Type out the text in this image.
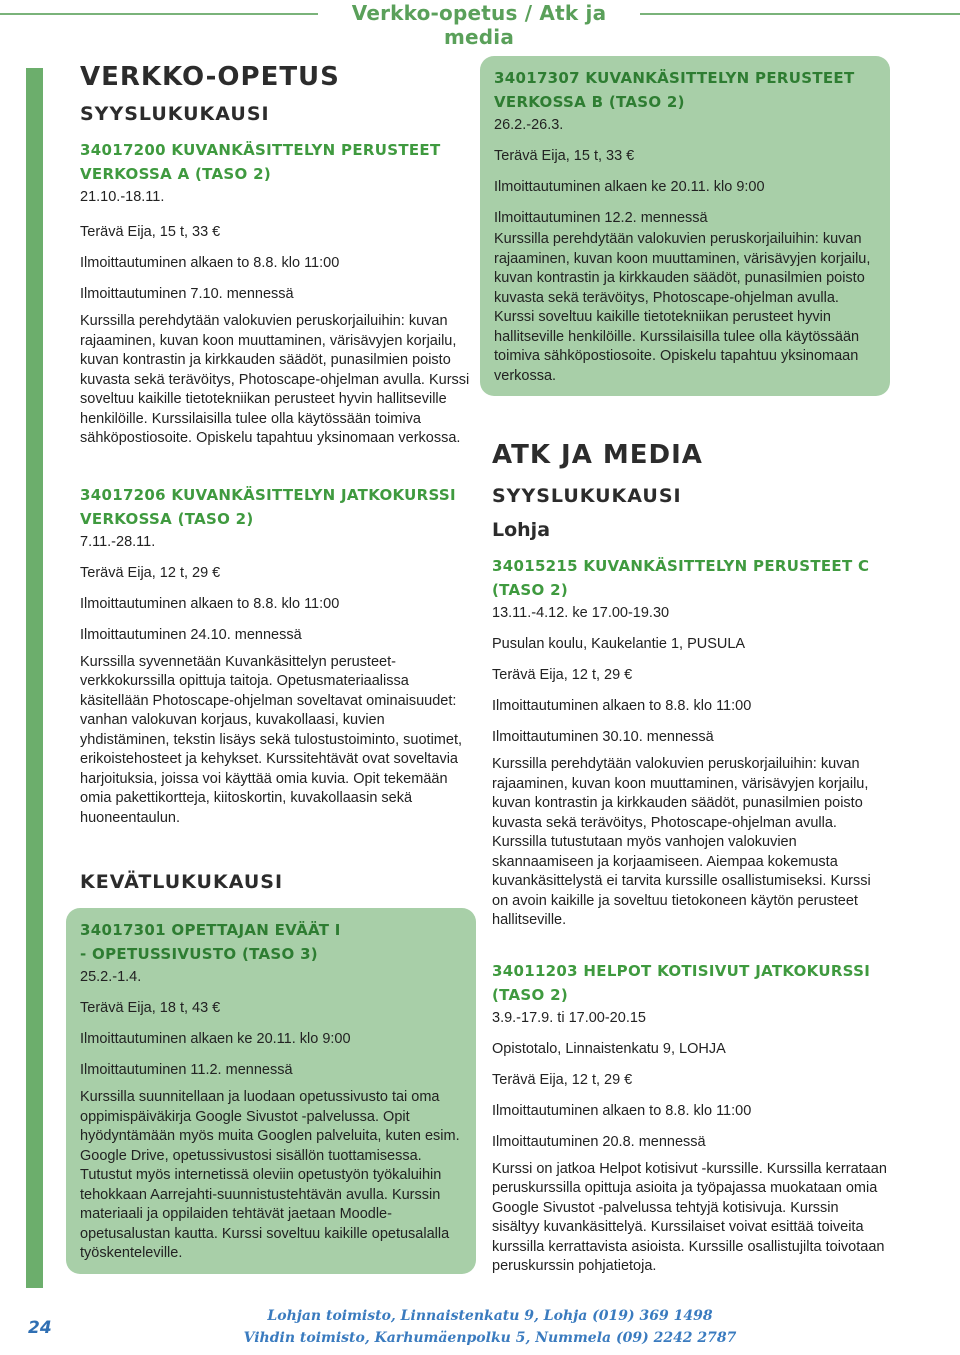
Verkko-opetus / Atk ja media
24
VERKKO-OPETUS
SYYSLUKUKAUSI
34017200 KUVANKÄSITTELYN PERUSTEET
VERKOSSA A (TASO 2)
21.10.-18.11.
Terävä Eija, 15 t, 33 €
Ilmoittautuminen alkaen to 8.8. klo 11:00
Ilmoittautuminen 7.10. mennessä
Kurssilla perehdytään valokuvien peruskorjailuihin: kuvan rajaaminen, kuvan koon muuttaminen, värisävyjen korjailu, kuvan kontrastin ja kirkkauden säädöt, punasilmien poisto kuvasta sekä terävöitys, Photoscape-ohjelman avulla. Kurssi soveltuu kaikille tietotekniikan perusteet hyvin hallitseville henkilöille. Kurssilaisilla tulee olla käytössään toimiva sähköpostiosoite. Opiskelu tapahtuu yksinomaan verkossa.
34017206 KUVANKÄSITTELYN JATKOKURSSI
VERKOSSA (TASO 2)
7.11.-28.11.
Terävä Eija, 12 t, 29 €
Ilmoittautuminen alkaen to 8.8. klo 11:00
Ilmoittautuminen 24.10. mennessä
Kurssilla syvennetään Kuvankäsittelyn perusteet-verkkokurssilla opittuja taitoja. Opetusmateriaalissa käsitellään Photoscape-ohjelman soveltavat ominaisuudet: vanhan valokuvan korjaus, kuvakollaasi, kuvien yhdistäminen, tekstin lisäys sekä tulostustoiminto, suotimet, erikoistehosteet ja kehykset. Kurssitehtävät ovat soveltavia harjoituksia, joissa voi käyttää omia kuvia. Opit tekemään omia pakettikortteja, kiitoskortin, kuvakollaasin sekä huoneentaulun.
KEVÄTLUKUKAUSI
34017301 OPETTAJAN EVÄÄT I
- OPETUSSIVUSTO (TASO 3)
25.2.-1.4.
Terävä Eija, 18 t, 43 €
Ilmoittautuminen alkaen ke 20.11. klo 9:00
Ilmoittautuminen 11.2. mennessä
Kurssilla suunnitellaan ja luodaan opetussivusto tai oma oppimispäiväkirja Google Sivustot -palvelussa. Opit hyödyntämään myös muita Googlen palveluita, kuten esim. Google Drive, opetussivustosi sisällön tuottamisessa. Tutustut myös internetissä oleviin opetustyön työkaluihin tehokkaan Aarrejahti-suunnistustehtävän avulla. Kurssin materiaali ja oppilaiden tehtävät jaetaan Moodle-opetusalustan kautta. Kurssi soveltuu kaikille opetusalalla työskenteleville.
34017307 KUVANKÄSITTELYN PERUSTEET
VERKOSSA B (TASO 2)
26.2.-26.3.
Terävä Eija, 15 t, 33 €
Ilmoittautuminen alkaen ke 20.11. klo 9:00
Ilmoittautuminen 12.2. mennessä
Kurssilla perehdytään valokuvien peruskorjailuihin: kuvan rajaaminen, kuvan koon muuttaminen, värisävyjen korjailu, kuvan kontrastin ja kirkkauden säädöt, punasilmien poisto kuvasta sekä terävöitys, Photoscape-ohjelman avulla. Kurssi soveltuu kaikille tietotekniikan perusteet hyvin hallitseville henkilöille. Kurssilaisilla tulee olla käytössään toimiva sähköpostiosoite. Opiskelu tapahtuu yksinomaan verkossa.
ATK JA MEDIA
SYYSLUKUKAUSI
Lohja
34015215 KUVANKÄSITTELYN PERUSTEET C
(TASO 2)
13.11.-4.12. ke 17.00-19.30
Pusulan koulu, Kaukelantie 1, PUSULA
Terävä Eija, 12 t, 29 €
Ilmoittautuminen alkaen to 8.8. klo 11:00
Ilmoittautuminen 30.10. mennessä
Kurssilla perehdytään valokuvien peruskorjailuihin: kuvan rajaaminen, kuvan koon muuttaminen, värisävyjen korjailu, kuvan kontrastin ja kirkkauden säädöt, punasilmien poisto kuvasta sekä terävöitys, Photoscape-ohjelman avulla. Kurssilla tutustutaan myös vanhojen valokuvien skannaamiseen ja korjaamiseen. Aiempaa kokemusta kuvankäsittelystä ei tarvita kurssille osallistumiseksi. Kurssi on avoin kaikille ja soveltuu tietokoneen käytön perusteet hallitseville.
34011203 HELPOT KOTISIVUT JATKOKURSSI
(TASO 2)
3.9.-17.9. ti 17.00-20.15
Opistotalo, Linnaistenkatu 9, LOHJA
Terävä Eija, 12 t, 29 €
Ilmoittautuminen alkaen to 8.8. klo 11:00
Ilmoittautuminen 20.8. mennessä
Kurssi on jatkoa Helpot kotisivut -kurssille. Kurssilla kerrataan peruskurssilla opittuja asioita ja työpajassa muokataan omia Google Sivustot -palvelussa tehtyjä kotisivuja. Kurssin sisältyy kuvankäsittelyä. Kurssilaiset voivat esittää toiveita kurssilla kerrattavista asioista. Kurssille osallistujilta toivotaan peruskurssin pohjatietoja.
Lohjan toimisto, Linnaistenkatu 9, Lohja (019) 369 1498
Vihdin toimisto, Karhumäenpolku 5, Nummela (09) 2242 2787
